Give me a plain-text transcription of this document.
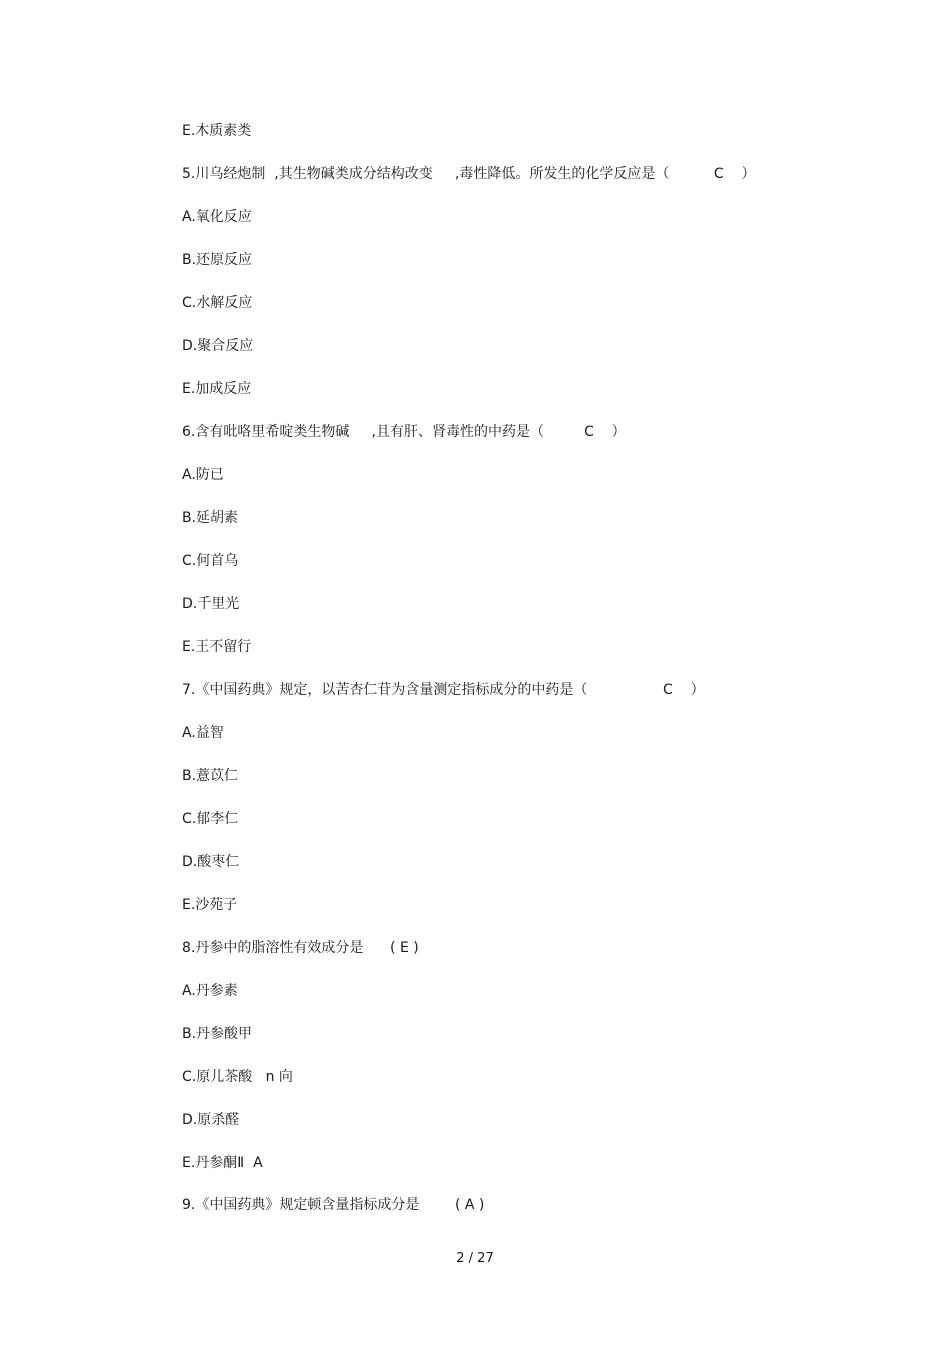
E.木质素类
5.川乌经炮制  ,其生物碱类成分结构改变     ,毒性降低。所发生的化学反应是（          C    ）
A.氧化反应
B.还原反应
C.水解反应
D.聚合反应
E.加成反应
6.含有吡咯里希啶类生物碱     ,且有肝、肾毒性的中药是（         C    ）
A.防已
B.延胡素
C.何首乌
D.千里光
E.王不留行
7.《中国药典》规定，以苦杏仁苷为含量测定指标成分的中药是（                 C    ）
A.益智
B.薏苡仁
C.郁李仁
D.酸枣仁
E.沙苑子
8.丹参中的脂溶性有效成分是      ( E )
A.丹参素
B.丹参酸甲
C.原儿茶酸   n 向
D.原杀醛
E.丹参酮Ⅱ  A
9.《中国药典》规定顿含量指标成分是        ( A )
2 / 27
